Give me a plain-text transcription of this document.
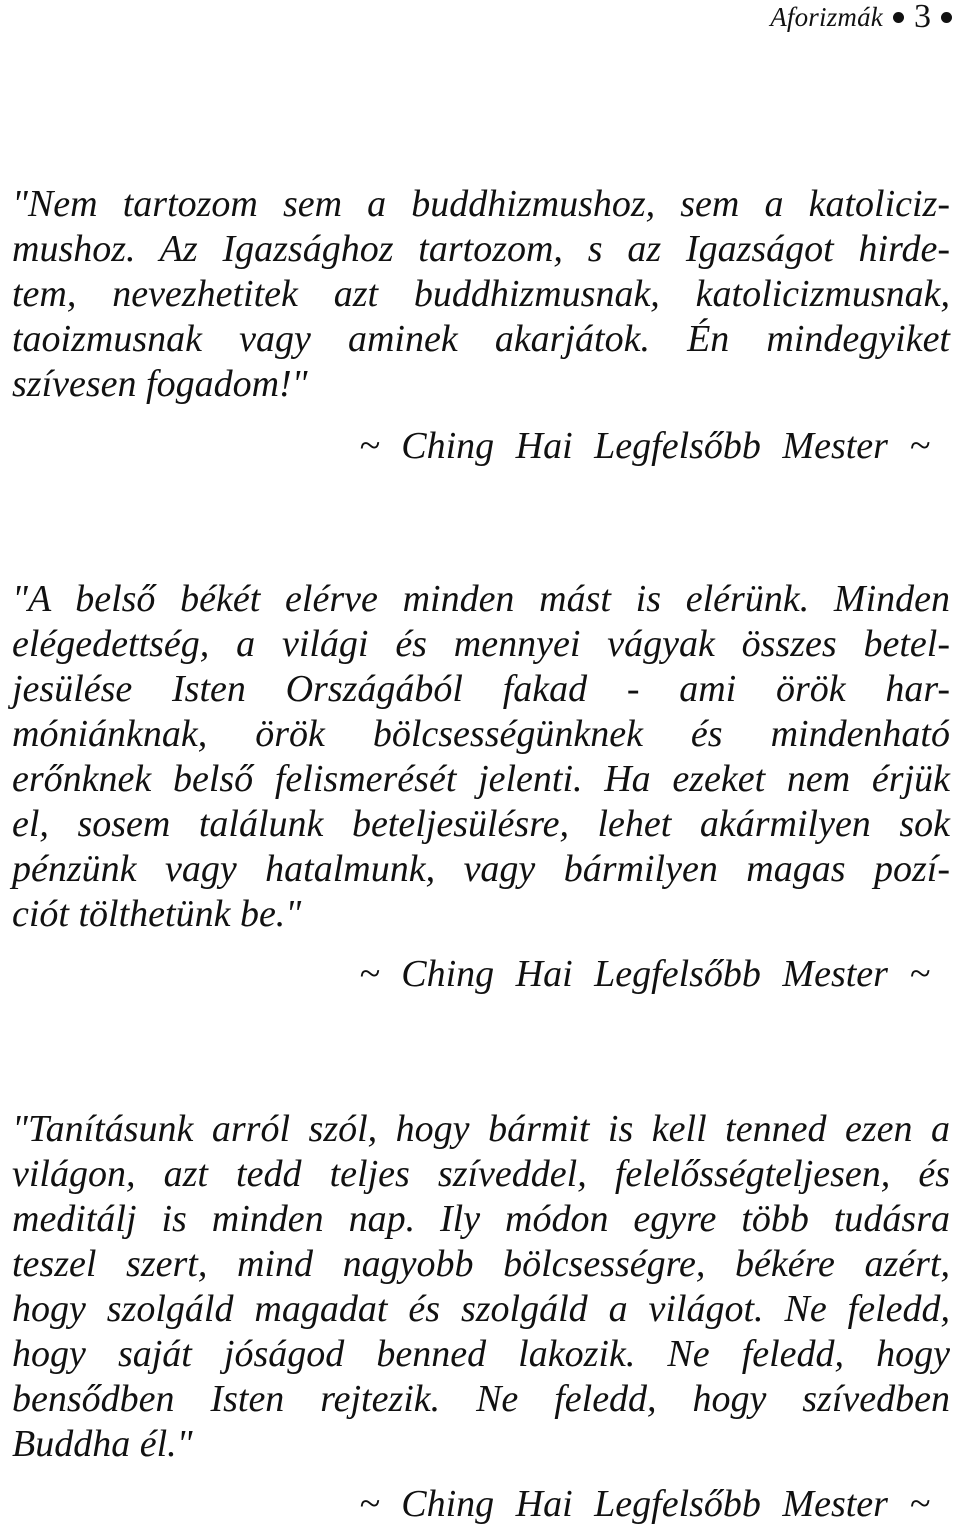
Aforizmák 3
"Nem tartozom sem a buddhizmushoz, sem a katoliciz-
mushoz. Az Igazsághoz tartozom, s az Igazságot hirde-
tem, nevezhetitek azt buddhizmusnak, katolicizmusnak,
taoizmusnak vagy aminek akarjátok. Én mindegyiket
szívesen fogadom!"
~ Ching Hai Legfelsőbb Mester ~
"A belső békét elérve minden mást is elérünk. Minden
elégedettség, a világi és mennyei vágyak összes betel-
jesülése Isten Országából fakad - ami örök har-
móniánknak, örök bölcsességünknek és mindenható
erőnknek belső felismerését jelenti. Ha ezeket nem érjük
el, sosem találunk beteljesülésre, lehet akármilyen sok
pénzünk vagy hatalmunk, vagy bármilyen magas pozí-
ciót tölthetünk be."
~ Ching Hai Legfelsőbb Mester ~
"Tanításunk arról szól, hogy bármit is kell tenned ezen a
világon, azt tedd teljes szíveddel, felelősségteljesen, és
meditálj is minden nap. Ily módon egyre több tudásra
teszel szert, mind nagyobb bölcsességre, békére azért,
hogy szolgáld magadat és szolgáld a világot. Ne feledd,
hogy saját jóságod benned lakozik. Ne feledd, hogy
bensődben Isten rejtezik. Ne feledd, hogy szívedben
Buddha él."
~ Ching Hai Legfelsőbb Mester ~
